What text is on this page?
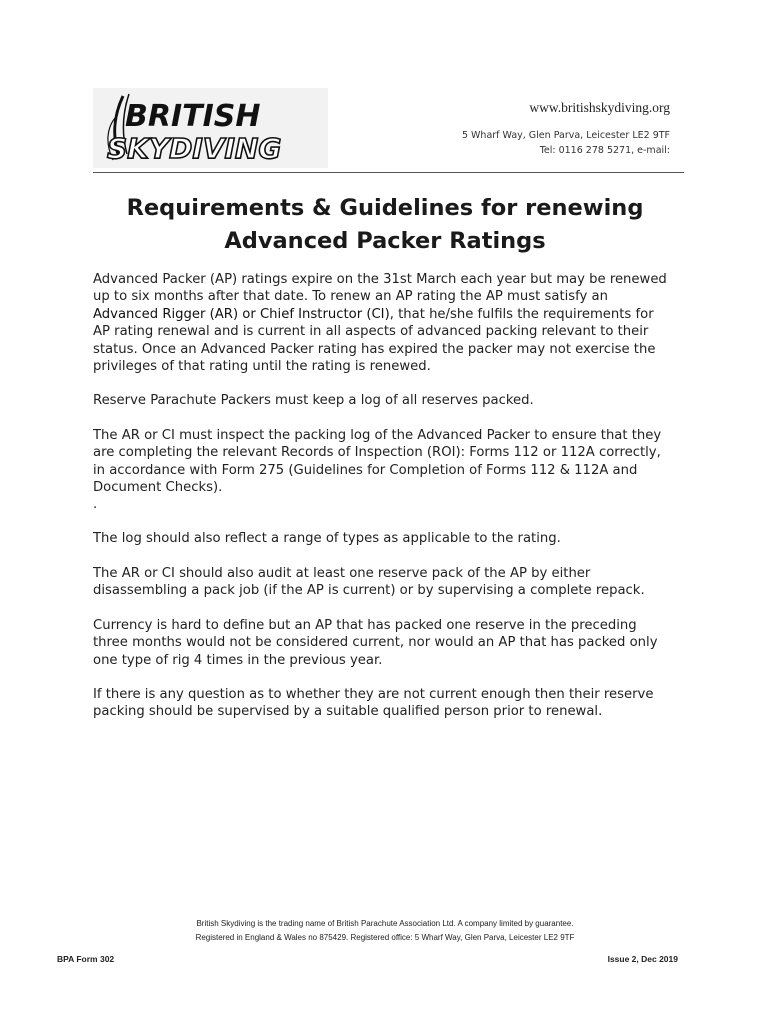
BRITISH
SKYDIVING
www.britishskydiving.org
5 Wharf Way, Glen Parva, Leicester LE2 9TF
Tel: 0116 278 5271, e-mail:
Requirements & Guidelines for renewing
Advanced Packer Ratings

Advanced Packer (AP) ratings expire on the 31st March each year but may be renewed up to six months after that date. To renew an AP rating the AP must satisfy an Advanced Rigger (AR) or Chief Instructor (CI), that he/she fulfils the requirements for AP rating renewal and is current in all aspects of advanced packing relevant to their status. Once an Advanced Packer rating has expired the packer may not exercise the privileges of that rating until the rating is renewed.

Reserve Parachute Packers must keep a log of all reserves packed.

The AR or CI must inspect the packing log of the Advanced Packer to ensure that they are completing the relevant Records of Inspection (ROI): Forms 112 or 112A correctly, in accordance with Form 275 (Guidelines for Completion of Forms 112 & 112A and Document Checks).

.

The log should also reflect a range of types as applicable to the rating.

The AR or CI should also audit at least one reserve pack of the AP by either disassembling a pack job (if the AP is current) or by supervising a complete repack.

Currency is hard to define but an AP that has packed one reserve in the preceding three months would not be considered current, nor would an AP that has packed only one type of rig 4 times in the previous year.

If there is any question as to whether they are not current enough then their reserve packing should be supervised by a suitable qualified person prior to renewal.

British Skydiving is the trading name of British Parachute Association Ltd. A company limited by guarantee.
Registered in England & Wales no 875429. Registered office: 5 Wharf Way, Glen Parva, Leicester LE2 9TF
BPA Form 302	Issue 2, Dec 2019
